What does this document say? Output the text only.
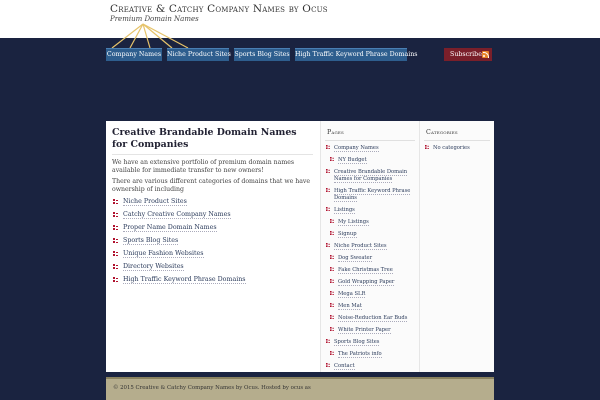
Creative & Catchy Company Names by Ocus
Premium Domain Names
Company Names Niche Product Sites Sports Blog Sites High Traffic Keyword Phrase Domains	Subscribe
Creative Brandable Domain Names for Companies

We have an extensive portfolio of premium domain names available for immediate transfer to new owners!

There are various different categories of domains that we have ownership of including

Niche Product Sites
Catchy Creative Company Names
Proper Name Domain Names
Sports Blog Sites
Unique Fashion Websites
Directory Websites
High Traffic Keyword Phrase Domains
Pages
Company Names
NY Budget
Creative Brandable Domain Names for Companies
High Traffic Keyword Phrase Domains
Listings
My Listings
Signup
Niche Product Sites
Dog Sweater
Fake Christmas Tree
Gold Wrapping Paper
Mega SLR
Men Mat
Noise-Reduction Ear Buds
White Printer Paper
Sports Blog Sites
The Patriots info
Contact
Categories
No categories
© 2015 Creative & Catchy Company Names by Ocus. Hosted by ocus as
